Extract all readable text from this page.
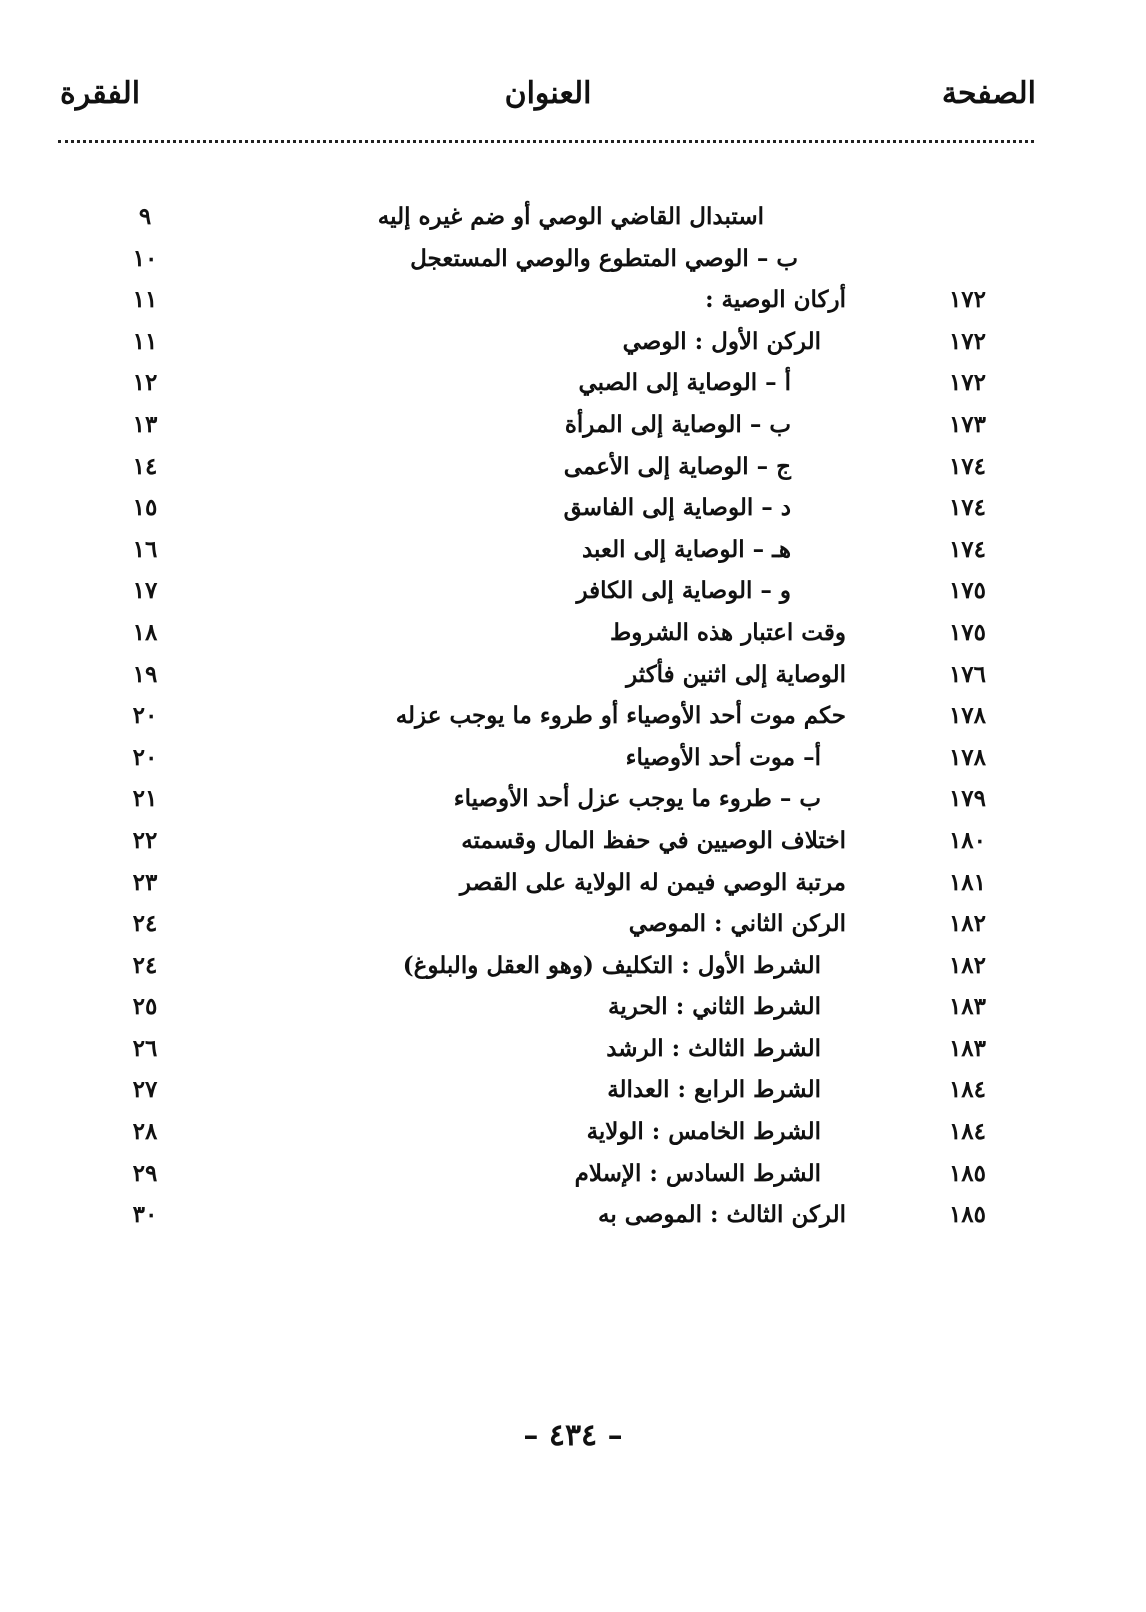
الصفحة
العنوان
الفقرة
استبدال القاضي الوصي أو ضم غيره إليه
٩
ب – الوصي المتطوع والوصي المستعجل
١٠
١٧٢
أركان الوصية :
١١
١٧٢
الركن الأول : الوصي
١١
١٧٢
أ – الوصاية إلى الصبي
١٢
١٧٣
ب – الوصاية إلى المرأة
١٣
١٧٤
ج – الوصاية إلى الأعمى
١٤
١٧٤
د – الوصاية إلى الفاسق
١٥
١٧٤
هـ – الوصاية إلى العبد
١٦
١٧٥
و – الوصاية إلى الكافر
١٧
١٧٥
وقت اعتبار هذه الشروط
١٨
١٧٦
الوصاية إلى اثنين فأكثر
١٩
١٧٨
حكم موت أحد الأوصياء أو طروء ما يوجب عزله
٢٠
١٧٨
أ– موت أحد الأوصياء
٢٠
١٧٩
ب – طروء ما يوجب عزل أحد الأوصياء
٢١
١٨٠
اختلاف الوصيين في حفظ المال وقسمته
٢٢
١٨١
مرتبة الوصي فيمن له الولاية على القصر
٢٣
١٨٢
الركن الثاني : الموصي
٢٤
١٨٢
الشرط الأول : التكليف (وهو العقل والبلوغ)
٢٤
١٨٣
الشرط الثاني : الحرية
٢٥
١٨٣
الشرط الثالث : الرشد
٢٦
١٨٤
الشرط الرابع : العدالة
٢٧
١٨٤
الشرط الخامس : الولاية
٢٨
١٨٥
الشرط السادس : الإسلام
٢٩
١٨٥
الركن الثالث : الموصى به
٣٠
– ٤٣٤ –
